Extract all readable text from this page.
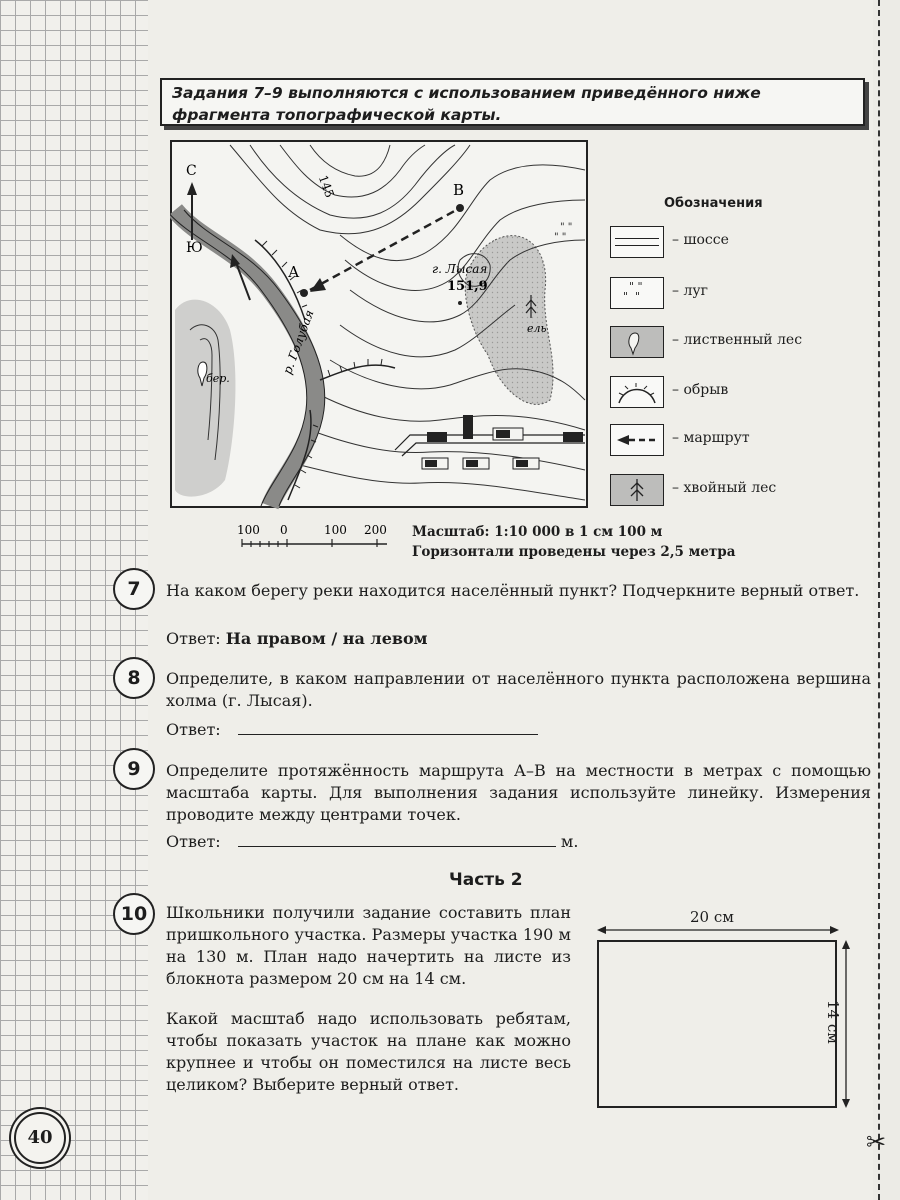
✂
Задания 7–9 выполняются с использованием приведённого ниже фрагмента топографической карты.
" "
" "
С
Ю
145
А
В
г. Лысая
151,9
р. Голубая
бер.
ель
Обозначения
– шоссе
" "
"  " – луг
– лиственный лес
– обрыв
– маршрут
– хвойный лес
100 0	100 200 Масштаб: 1:10 000 в 1 см 100 м
Горизонтали проведены через 2,5 метра
7	На каком берегу реки находится населённый пункт? Подчеркните верный ответ.
Ответ: На правом / на левом
8	Определите, в каком направлении от населённого пункта расположена вершина холма (г. Лысая).
Ответ:
9	Определите протяжённость маршрута А–В на местности в метрах с помощью масштаба карты. Для выполнения задания используйте линейку. Измерения проводите между центрами точек.
Ответ:	м.
Часть 2
10	Школьники получили задание составить план пришкольного участка. Размеры участка 190 м на 130 м. План надо начертить на листе из блокнота размером 20 см на 14 см.
Какой масштаб надо использовать ребятам, чтобы показать участок на плане как можно крупнее и чтобы он поместился на листе весь целиком? Выберите верный ответ.
20 см
14 см
40
